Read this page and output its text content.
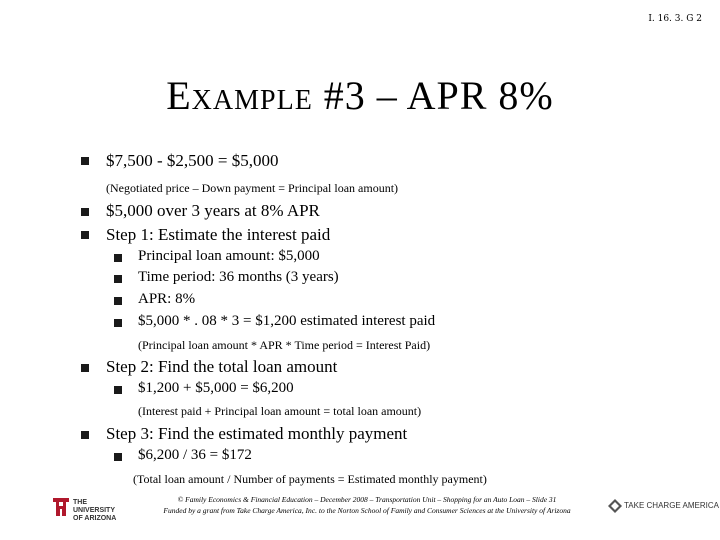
I. 16. 3. G 2
Example #3 – APR 8%
$7,500 - $2,500 = $5,000
(Negotiated price – Down payment = Principal loan amount)
$5,000 over 3 years at 8% APR
Step 1: Estimate the interest paid
Principal loan amount: $5,000
Time period: 36 months (3 years)
APR: 8%
$5,000 * . 08 * 3 = $1,200 estimated interest paid
(Principal loan amount * APR * Time period = Interest Paid)
Step 2: Find the total loan amount
$1,200 + $5,000 = $6,200
(Interest paid + Principal loan amount = total loan amount)
Step 3: Find the estimated monthly payment
$6,200 / 36 = $172
(Total loan amount / Number of payments = Estimated monthly payment)
THE UNIVERSITY
OF ARIZONA
© Family Economics & Financial Education – December 2008 – Transportation Unit – Shopping for an Auto Loan – Slide 31
Funded by a grant from Take Charge America, Inc. to the Norton School of Family and Consumer Sciences at the University of Arizona
TAKE CHARGE AMERICA
